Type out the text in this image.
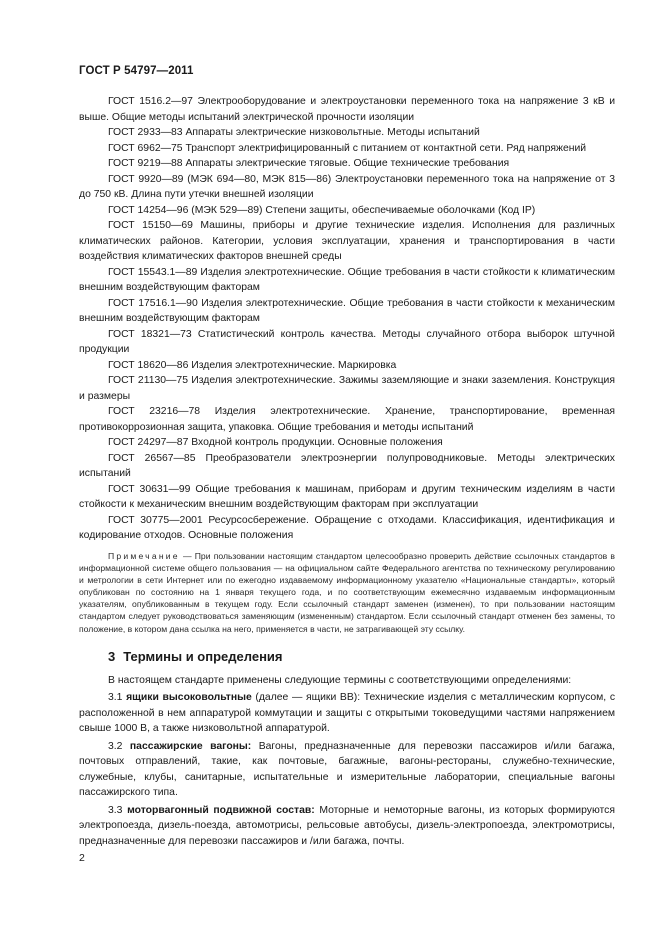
ГОСТ Р 54797—2011

ГОСТ 1516.2—97 Электрооборудование и электроустановки переменного тока на напряжение 3 кВ и выше. Общие методы испытаний электрической прочности изоляции

ГОСТ 2933—83 Аппараты электрические низковольтные. Методы испытаний

ГОСТ 6962—75 Транспорт электрифицированный с питанием от контактной сети. Ряд напряжений

ГОСТ 9219—88 Аппараты электрические тяговые. Общие технические требования

ГОСТ 9920—89 (МЭК 694—80, МЭК 815—86) Электроустановки переменного тока на напряжение от 3 до 750 кВ. Длина пути утечки внешней изоляции

ГОСТ 14254—96 (МЭК 529—89) Степени защиты, обеспечиваемые оболочками (Код IP)

ГОСТ 15150—69 Машины, приборы и другие технические изделия. Исполнения для различных климатических районов. Категории, условия эксплуатации, хранения и транспортирования в части воздействия климатических факторов внешней среды

ГОСТ 15543.1—89 Изделия электротехнические. Общие требования в части стойкости к климатическим внешним воздействующим факторам

ГОСТ 17516.1—90 Изделия электротехнические. Общие требования в части стойкости к механическим внешним воздействующим факторам

ГОСТ 18321—73 Статистический контроль качества. Методы случайного отбора выборок штучной продукции

ГОСТ 18620—86 Изделия электротехнические. Маркировка

ГОСТ 21130—75 Изделия электротехнические. Зажимы заземляющие и знаки заземления. Конструкция и размеры

ГОСТ 23216—78 Изделия электротехнические. Хранение, транспортирование, временная противокоррозионная защита, упаковка. Общие требования и методы испытаний

ГОСТ 24297—87 Входной контроль продукции. Основные положения

ГОСТ 26567—85 Преобразователи электроэнергии полупроводниковые. Методы электрических испытаний

ГОСТ 30631—99 Общие требования к машинам, приборам и другим техническим изделиям в части стойкости к механическим внешним воздействующим факторам при эксплуатации

ГОСТ 30775—2001 Ресурсосбережение. Обращение с отходами. Классификация, идентификация и кодирование отходов. Основные положения

Примечание — При пользовании настоящим стандартом целесообразно проверить действие ссылочных стандартов в информационной системе общего пользования — на официальном сайте Федерального агентства по техническому регулированию и метрологии в сети Интернет или по ежегодно издаваемому информационному указателю «Национальные стандарты», который опубликован по состоянию на 1 января текущего года, и по соответствующим ежемесячно издаваемым информационным указателям, опубликованным в текущем году. Если ссылочный стандарт заменен (изменен), то при пользовании настоящим стандартом следует руководствоваться заменяющим (измененным) стандартом. Если ссылочный стандарт отменен без замены, то положение, в котором дана ссылка на него, применяется в части, не затрагивающей эту ссылку.

3 Термины и определения

В настоящем стандарте применены следующие термины с соответствующими определениями:

3.1 ящики высоковольтные (далее — ящики ВВ): Технические изделия с металлическим корпусом, с расположенной в нем аппаратурой коммутации и защиты с открытыми токоведущими частями напряжением свыше 1000 В, а также низковольтной аппаратурой.

3.2 пассажирские вагоны: Вагоны, предназначенные для перевозки пассажиров и/или багажа, почтовых отправлений, такие, как почтовые, багажные, вагоны-рестораны, служебно-технические, служебные, клубы, санитарные, испытательные и измерительные лаборатории, специальные вагоны пассажирского типа.

3.3 моторвагонный подвижной состав: Моторные и немоторные вагоны, из которых формируются электропоезда, дизель-поезда, автомотрисы, рельсовые автобусы, дизель-электропоезда, электромотрисы, предназначенные для перевозки пассажиров и /или багажа, почты.

2
